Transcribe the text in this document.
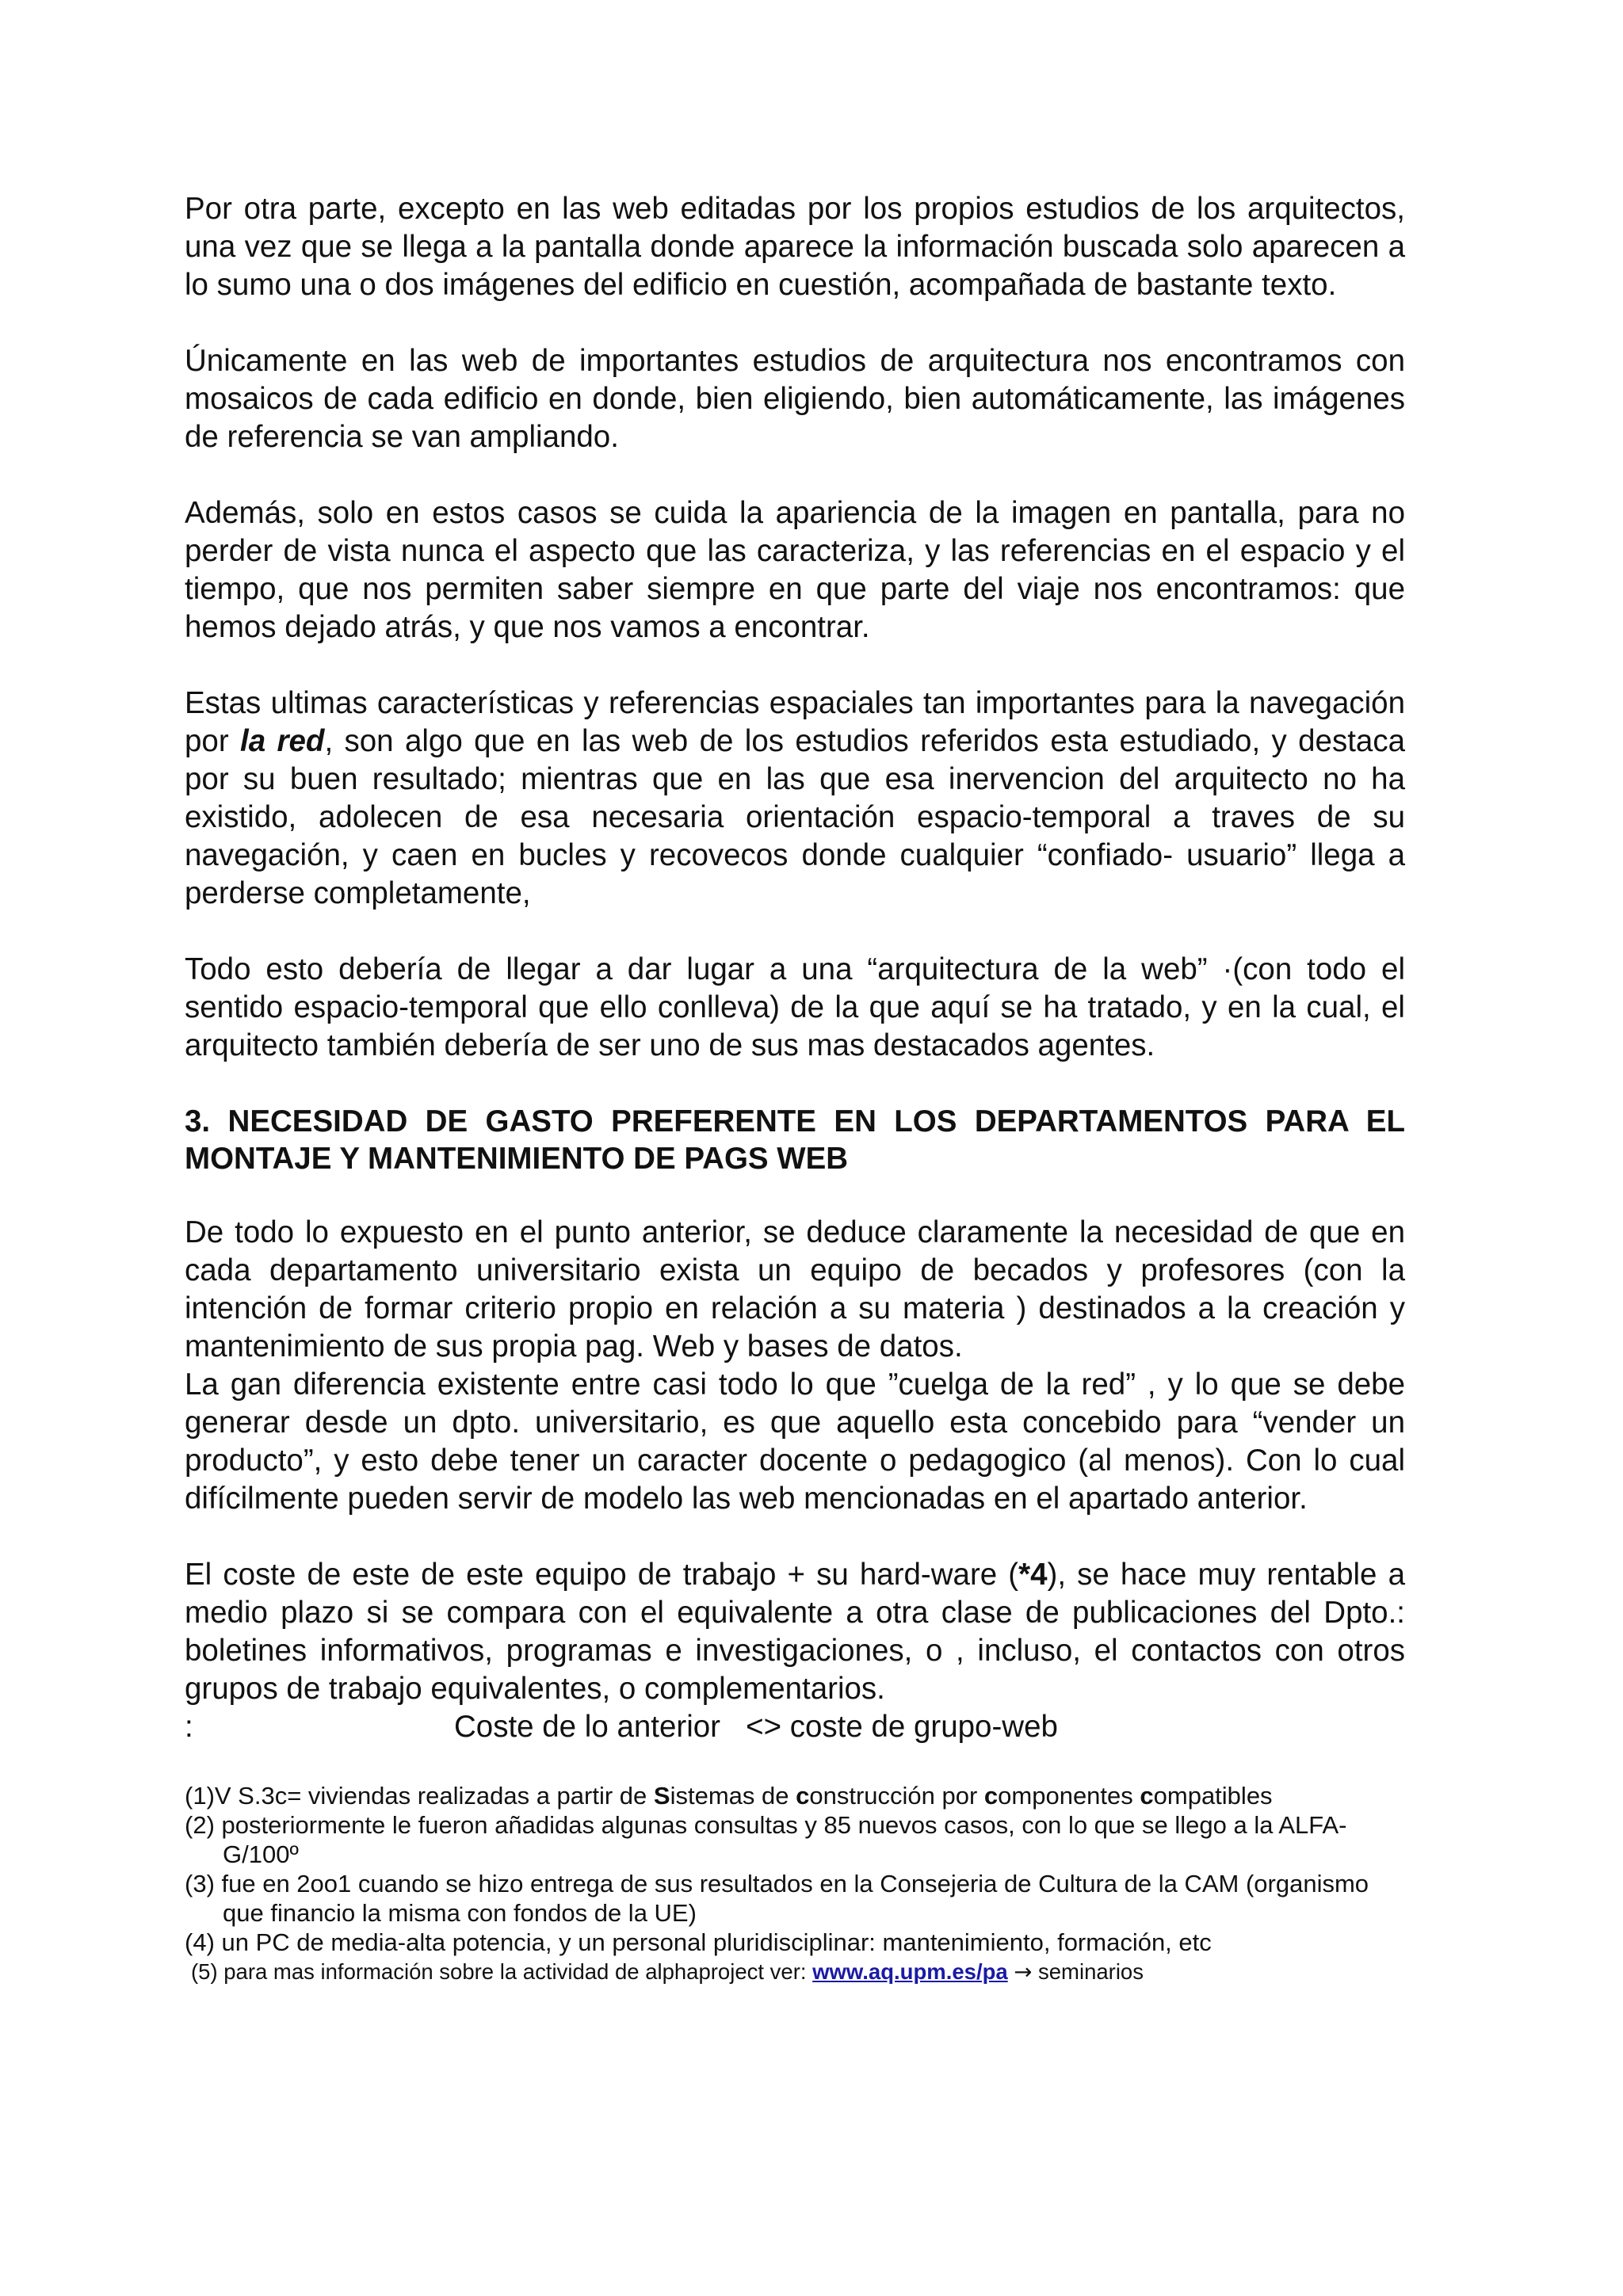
Por otra parte, excepto en las web editadas por los propios estudios de los arquitectos, una vez que se llega a la pantalla donde aparece la información buscada solo aparecen a lo sumo una o dos imágenes del edificio en cuestión, acompañada de bastante texto.

Únicamente en las web de importantes estudios de arquitectura nos encontramos con mosaicos de cada edificio en donde, bien eligiendo, bien automáticamente, las imágenes de referencia se van ampliando.

Además, solo en estos casos se cuida la apariencia de la imagen en pantalla, para no perder de vista nunca el aspecto que las caracteriza, y las referencias en el espacio y el tiempo, que nos permiten saber siempre en que parte del viaje nos encontramos: que hemos dejado atrás, y que nos vamos a encontrar.

Estas ultimas características y referencias espaciales tan importantes para la navegación por la red, son algo que en las web de los estudios referidos esta estudiado, y destaca por su buen resultado; mientras que en las que esa inervencion del arquitecto no ha existido, adolecen de esa necesaria orientación espacio-temporal a traves de su navegación, y caen en bucles y recovecos donde cualquier “confiado- usuario” llega a perderse completamente,

Todo esto debería de llegar a dar lugar a una “arquitectura de la web” ·(con todo el sentido espacio-temporal que ello conlleva) de la que aquí se ha tratado, y en la cual, el arquitecto también debería de ser uno de sus mas destacados agentes.

3. NECESIDAD DE GASTO PREFERENTE EN LOS DEPARTAMENTOS PARA EL MONTAJE Y MANTENIMIENTO DE PAGS WEB

De todo lo expuesto en el punto anterior, se deduce claramente la necesidad de que en cada departamento universitario exista un equipo de becados y profesores (con la intención de formar criterio propio en relación a su materia ) destinados a la creación y mantenimiento de sus propia pag. Web y bases de datos.

La gan diferencia existente entre casi todo lo que ”cuelga de la red” , y lo que se debe generar desde un dpto. universitario, es que aquello esta concebido para “vender un producto”, y esto debe tener un caracter docente o pedagogico (al menos). Con lo cual difícilmente pueden servir de modelo las web mencionadas en el apartado anterior.

El coste de este de este equipo de trabajo + su hard-ware (*4), se hace muy rentable a medio plazo si se compara con el equivalente a otra clase de publicaciones del Dpto.: boletines informativos, programas e investigaciones, o , incluso, el contactos con otros grupos de trabajo equivalentes, o complementarios.

:	Coste de lo anterior   <> coste de grupo-web
(1)V S.3c= viviendas realizadas a partir de Sistemas de construcción por componentes compatibles
(2) posteriormente le fueron añadidas algunas consultas y 85 nuevos casos, con lo que se llego a la ALFA-G/100º
(3) fue en 2oo1 cuando se hizo entrega de sus resultados en la Consejeria de Cultura de la CAM (organismo que financio la misma con fondos de la UE)
(4) un PC de media-alta potencia, y un personal pluridisciplinar: mantenimiento, formación, etc
(5) para mas información sobre la actividad de alphaproject ver: www.aq.upm.es/pa → seminarios
